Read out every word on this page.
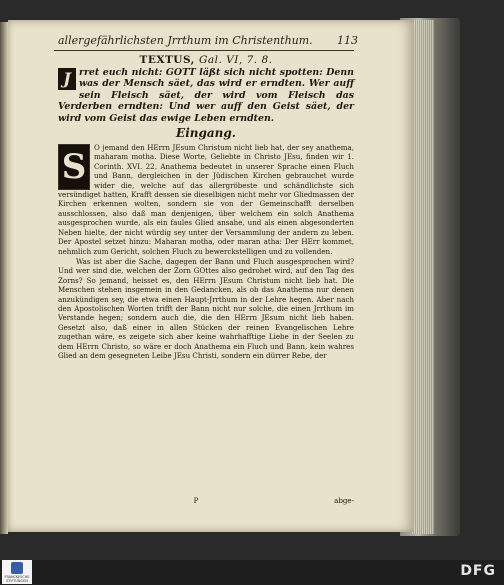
allergefährlichsten Jrrthum im Christenthum. 113
TEXTUS, Gal. VI, 7. 8.
J rret euch nicht: GOTT läßt sich nicht spotten: Denn was der Mensch säet, das wird er erndten. Wer auff sein Fleisch säet, der wird vom Fleisch das Verderben erndten: Und wer auff den Geist säet, der wird vom Geist das ewige Leben erndten.
Eingang.
S	O jemand den HErrn JEsum Christum nicht lieb hat, der sey anathema, maharam motha. Diese Worte, Geliebte in Christo JEsu, finden wir 1. Corinth. XVI. 22. Anathema bedeutet in unserer Sprache einen Fluch und Bann, dergleichen in der Jüdischen Kirchen gebrauchet wurde wider die, welche auf das allergröbeste und schändlichste sich versündiget hatten, Krafft dessen sie dieselbigen nicht mehr vor Gliedmassen der Kirchen erkennen wolten, sondern sie von der Gemeinschafft derselben ausschlossen, also daß man denjenigen, über welchem ein solch Anathema ausgesprochen wurde, als ein faules Glied ansahe, und als einen abgesonderten Neben hielte, der nicht würdig sey unter der Versammlung der andern zu leben. Der Apostel setzet hinzu: Maharan motha, oder maran atha: Der HErr kommet, nehmlich zum Gericht, solchen Fluch zu bewerckstelligen und zu vollenden.
Was ist aber die Sache, dagegen der Bann und Fluch ausgesprochen wird? Und wer sind die, welchen der Zorn GOttes also gedrohet wird, auf den Tag des Zorns? So jemand, heisset es, den HErrn JEsum Christum nicht lieb hat. Die Menschen stehen insgemein in den Gedancken, als ob das Anathema nur denen anzukündigen sey, die etwa einen Haupt-Jrrthum in der Lehre hegen. Aber nach den Apostolischen Worten trifft der Bann nicht nur solche, die einen Jrrthum im Verstande hegen; sondern auch die, die den HErrn JEsum nicht lieb haben. Gesetzt also, daß einer in allen Stücken der reinen Evangelischen Lehre zugethan wäre, es zeigete sich aber keine wahrhafftige Liebe in der Seelen zu dem HErrn Christo, so wäre er doch Anathema ein Fluch und Bann, kein wahres Glied an dem gesegneten Leibe JEsu Christi, sondern ein dürrer Rebe, der
P	abge-
FRANCKESCHE STIFTUNGEN
DFG
